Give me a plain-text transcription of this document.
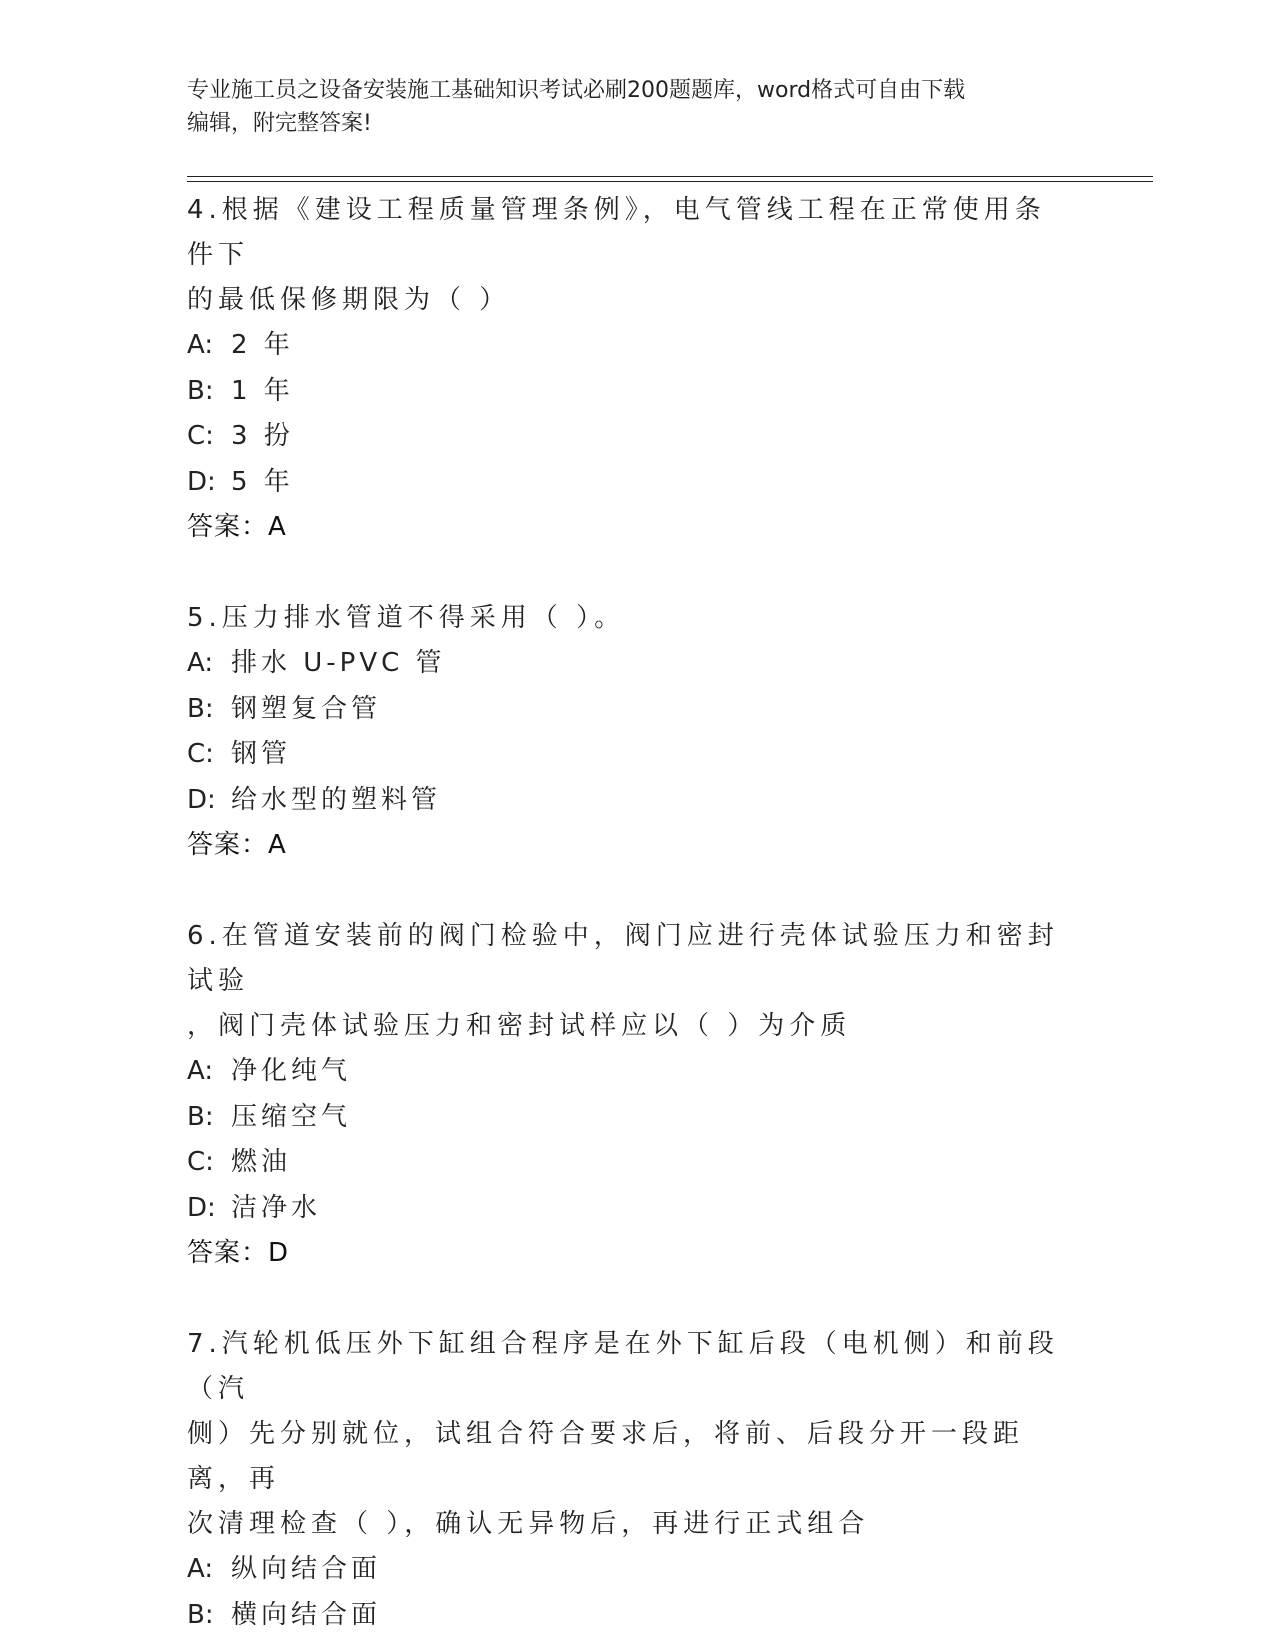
专业施工员之设备安装施工基础知识考试必刷200题题库，word格式可自由下载
编辑，附完整答案!

4.根据《建设工程质量管理条例》，电气管线工程在正常使用条件下

的最低保修期限为（ ）

A: 2 年

B: 1 年

C: 3 扮

D: 5 年

答案：A

5.压力排水管道不得采用（ ）。

A: 排水 U-PVC 管

B: 钢塑复合管

C: 钢管

D: 给水型的塑料管

答案：A

6.在管道安装前的阀门检验中，阀门应进行壳体试验压力和密封试验

，阀门壳体试验压力和密封试样应以（ ）为介质

A: 净化纯气

B: 压缩空气

C: 燃油

D: 洁净水

答案：D

7.汽轮机低压外下缸组合程序是在外下缸后段（电机侧）和前段（汽

侧）先分别就位，试组合符合要求后，将前、后段分开一段距离，再

次清理检查（ ），确认无异物后，再进行正式组合

A: 纵向结合面

B: 横向结合面
